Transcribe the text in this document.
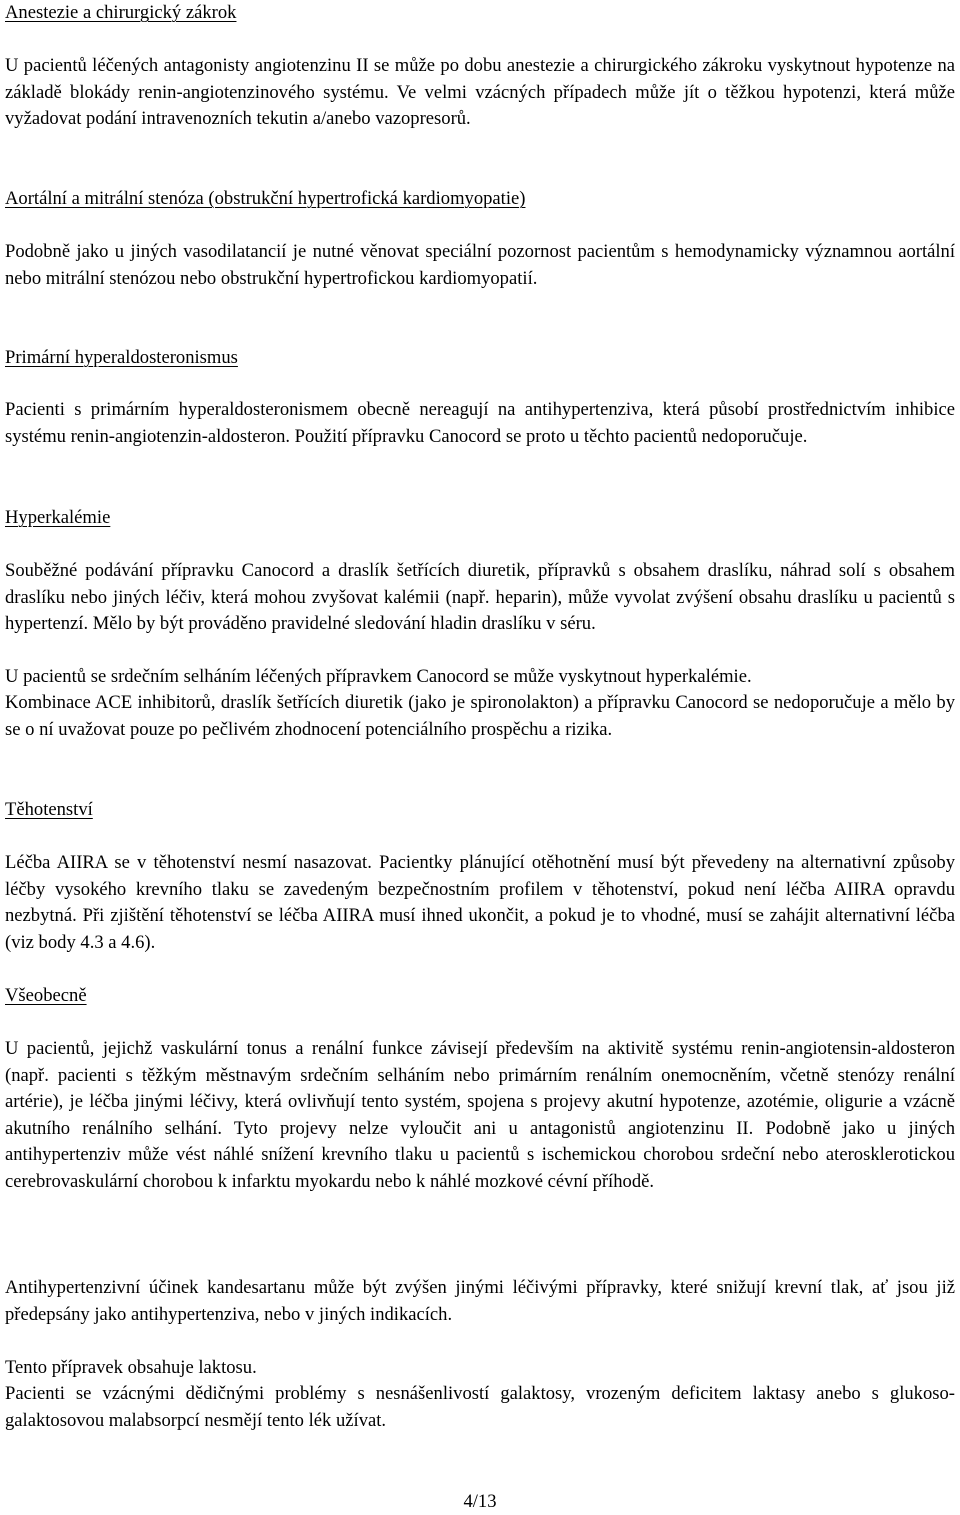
Anestezie a chirurgický zákrok

U pacientů léčených antagonisty angiotenzinu II se může po dobu anestezie a chirurgického zákroku vyskytnout hypotenze na základě blokády renin-angiotenzinového systému. Ve velmi vzácných případech může jít o těžkou hypotenzi, která může vyžadovat podání intravenozních tekutin a/anebo vazopresorů.

Aortální a mitrální stenóza (obstrukční hypertrofická kardiomyopatie)

Podobně jako u jiných vasodilatancií je nutné věnovat speciální pozornost pacientům s hemodynamicky významnou aortální nebo mitrální stenózou nebo obstrukční hypertrofickou kardiomyopatií.

Primární hyperaldosteronismus

Pacienti s primárním hyperaldosteronismem obecně nereagují na antihypertenziva, která působí prostřednictvím inhibice systému renin-angiotenzin-aldosteron. Použití přípravku Canocord se proto u těchto pacientů nedoporučuje.

Hyperkalémie

Souběžné podávání přípravku Canocord a draslík šetřících diuretik, přípravků s obsahem draslíku, náhrad solí s obsahem draslíku nebo jiných léčiv, která mohou zvyšovat kalémii (např. heparin), může vyvolat zvýšení obsahu draslíku u pacientů s hypertenzí. Mělo by být prováděno pravidelné sledování hladin draslíku v séru.

U pacientů se srdečním selháním léčených přípravkem Canocord se může vyskytnout hyperkalémie.

Kombinace ACE inhibitorů, draslík šetřících diuretik (jako je spironolakton) a přípravku Canocord se nedoporučuje a mělo by se o ní uvažovat pouze po pečlivém zhodnocení potenciálního prospěchu a rizika.

Těhotenství

Léčba AIIRA se v těhotenství nesmí nasazovat. Pacientky plánující otěhotnění musí být převedeny na alternativní způsoby léčby vysokého krevního tlaku se zavedeným bezpečnostním profilem v těhotenství, pokud není léčba AIIRA opravdu nezbytná. Při zjištění těhotenství se léčba AIIRA musí ihned ukončit, a pokud je to vhodné, musí se zahájit alternativní léčba (viz body 4.3 a 4.6).

Všeobecně

U pacientů, jejichž vaskulární tonus a renální funkce závisejí především na aktivitě systému renin-angiotensin-aldosteron (např. pacienti s těžkým městnavým srdečním selháním nebo primárním renálním onemocněním, včetně stenózy renální artérie), je léčba jinými léčivy, která ovlivňují tento systém, spojena s projevy akutní hypotenze, azotémie, oligurie a vzácně akutního renálního selhání. Tyto projevy nelze vyloučit ani u antagonistů angiotenzinu II. Podobně jako u jiných antihypertenziv může vést náhlé snížení krevního tlaku u pacientů s ischemickou chorobou srdeční nebo aterosklerotickou cerebrovaskulární chorobou k infarktu myokardu nebo k náhlé mozkové cévní příhodě.

Antihypertenzivní účinek kandesartanu může být zvýšen jinými léčivými přípravky, které snižují krevní tlak, ať jsou již předepsány jako antihypertenziva, nebo v jiných indikacích.

Tento přípravek obsahuje laktosu.

Pacienti se vzácnými dědičnými problémy s nesnášenlivostí galaktosy, vrozeným deficitem laktasy anebo s glukoso-galaktosovou malabsorpcí nesmějí tento lék užívat.

4/13
